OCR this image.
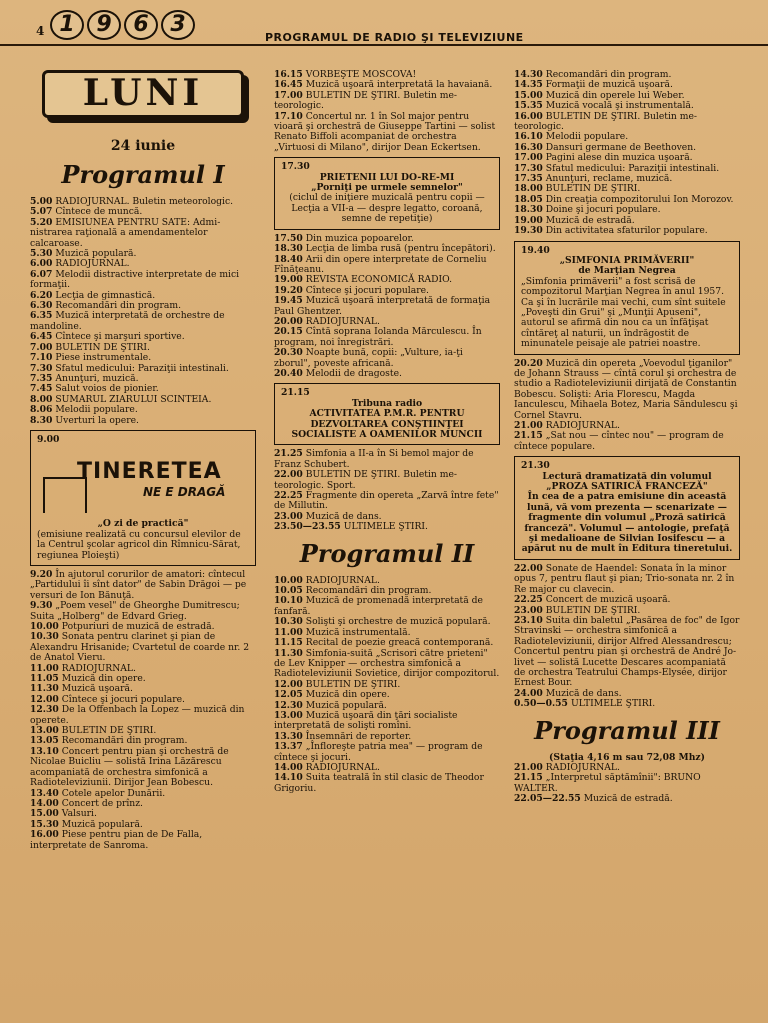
4 1 9 6 3
PROGRAMUL DE RADIO ŞI TELEVIZIUNE
LUNI
24 iunie
Programul I
5.00 RADIOJURNAL. Buletin meteorologic.
5.07 Cîntece de muncă.
5.20 EMISIUNEA PENTRU SATE: Administrarea raţională a amendamentelor calcaroase.
5.30 Muzică populară.
6.00 RADIOJURNAL.
6.07 Melodii distractive interpretate de mici formaţii.
6.20 Lecţia de gimnastică.
6.30 Recomandări din program.
6.35 Muzică interpretată de orchestre de mandoline.
6.45 Cîntece şi marşuri sportive.
7.00 BULETIN DE ŞTIRI.
7.10 Piese instrumentale.
7.30 Sfatul medicului: Paraziţii intestinali.
7.35 Anunţuri, muzică.
7.45 Salut voios de pionier.
8.00 SUMARUL ZIARULUI SCINTEIA.
8.06 Melodii populare.
8.30 Uverturi la opere.
9.00
TINERETEA
NE E DRAGĂ
„O zi de practică"
(emisiune realizată cu concursul elevilor de la Centrul şcolar agricol din Rîmnicu-Sărat, regiunea Ploieşti)
9.20 În ajutorul corurilor de amatori: cîntecul „Partidului îi sînt dator" de Sabin Drăgoi — pe versuri de Ion Bănuţă.
9.30 „Poem vesel" de Gheorghe Dumitrescu; Suita „Holberg" de Edvard Grieg.
10.00 Potpuriuri de muzică de estradă.
10.30 Sonata pentru clarinet şi pian de Alexandru Hrisanide; Cvartetul de coarde nr. 2 de Anatol Vieru.
11.00 RADIOJURNAL.
11.05 Muzică din opere.
11.30 Muzică uşoară.
12.00 Cîntece şi jocuri populare.
12.30 De la Offenbach la Lopez — muzică din operete.
13.00 BULETIN DE ŞTIRI.
13.05 Recomandări din program.
13.10 Concert pentru pian şi orchestră de Nicolae Buicliu — solistă Irina Lăzărescu acompaniată de orchestra simfonică a Radioteleviziunii. Dirijor Jean Bobescu.
13.40 Cotele apelor Dunării.
14.00 Concert de prînz.
15.00 Valsuri.
15.30 Muzică populară.
16.00 Piese pentru pian de De Falla, interpretate de Sanroma.
16.15 VORBEŞTE MOSCOVA!
16.45 Muzică uşoară interpretată la havaiană.
17.00 BULETIN DE ŞTIRI. Buletin meteorologic.
17.10 Concertul nr. 1 în Sol major pentru vioară şi orchestră de Giuseppe Tartini — solist Renato Biffoli acompaniat de orchestra „Virtuosi di Milano", dirijor Dean Eckertsen.
17.30
PRIETENII LUI DO-RE-MI
„Porniţi pe urmele semnelor"
(ciclul de iniţiere muzicală pentru copii — Lecţia a VII-a — despre legatto, coroană, semne de repetiţie)
17.50 Din muzica popoarelor.
18.30 Lecţia de limba rusă (pentru începători).
18.40 Arii din opere interpretate de Corneliu Fînăţeanu.
19.00 REVISTA ECONOMICĂ RADIO.
19.20 Cîntece şi jocuri populare.
19.45 Muzică uşoară interpretată de formaţia Paul Ghentzer.
20.00 RADIOJURNAL.
20.15 Cîntă soprana Iolanda Mărculescu. În program, noi înregistrări.
20.30 Noapte bună, copii: „Vulture, ia-ţi zborul", poveste africană.
20.40 Melodii de dragoste.
21.15
Tribuna radio
ACTIVITATEA P.M.R. PENTRU DEZVOLTAREA CONŞTIINŢEI SOCIALISTE A OAMENILOR MUNCII
21.25 Simfonia a II-a în Si bemol major de Franz Schubert.
22.00 BULETIN DE ŞTIRI. Buletin meteorologic. Sport.
22.25 Fragmente din opereta „Zarvă între fete" de Millutin.
23.00 Muzică de dans.
23.50—23.55 ULTIMELE ŞTIRI.
Programul II
10.00 RADIOJURNAL.
10.05 Recomandări din program.
10.10 Muzică de promenadă interpretată de fanfară.
10.30 Solişti şi orchestre de muzică populară.
11.00 Muzică instrumentală.
11.15 Recital de poezie greacă contemporană.
11.30 Simfonia-suită „Scrisori către prieteni" de Lev Knipper — orchestra simfonică a Radioteleviziunii Sovietice, dirijor compozitorul.
12.00 BULETIN DE ŞTIRI.
12.05 Muzică din opere.
12.30 Muzică populară.
13.00 Muzică uşoară din ţări socialiste interpretată de solişti romîni.
13.30 Însemnări de reporter.
13.37 „Înfloreşte patria mea" — program de cîntece şi jocuri.
14.00 RADIOJURNAL.
14.10 Suita teatrală în stil clasic de Theodor Grigoriu.
14.30 Recomandări din program.
14.35 Formaţii de muzică uşoară.
15.00 Muzică din operele lui Weber.
15.35 Muzică vocală şi instrumentală.
16.00 BULETIN DE ŞTIRI. Buletin meteorologic.
16.10 Melodii populare.
16.30 Dansuri germane de Beethoven.
17.00 Pagini alese din muzica uşoară.
17.30 Sfatul medicului: Paraziţii intestinali.
17.35 Anunţuri, reclame, muzică.
18.00 BULETIN DE ŞTIRI.
18.05 Din creaţia compozitorului Ion Morozov.
18.30 Doine şi jocuri populare.
19.00 Muzică de estradă.
19.30 Din activitatea sfaturilor populare.
19.40
„SIMFONIA PRIMĂVERII"
de Marţian Negrea
„Simfonia primăverii" a fost scrisă de compozitorul Marţian Negrea în anul 1957. Ca şi în lucrările mai vechi, cum sînt suitele „Poveşti din Grui" şi „Munţii Apuseni", autorul se afirmă din nou ca un înfăţişat cîntăreţ al naturii, un îndrăgostit de minunatele peisaje ale patriei noastre.
20.20 Muzică din opereta „Voevodul ţiganilor" de Johann Strauss — cîntă corul şi orchestra de studio a Radioteleviziunii dirijată de Constantin Bobescu. Solişti: Aria Florescu, Magda Ianculescu, Mihaela Botez, Maria Săndulescu şi Cornel Stavru.
21.00 RADIOJURNAL.
21.15 „Sat nou — cîntec nou" — program de cîntece populare.
21.30
Lectură dramatizată din volumul „PROZA SATIRICĂ FRANCEZĂ"
În cea de a patra emisiune din această lună, vă vom prezenta — scenarizate — fragmente din volumul „Proză satirică franceză". Volumul — antologie, prefaţă şi medalioane de Silvian Iosifescu — a apărut nu de mult în Editura tineretului.
22.00 Sonate de Haendel: Sonata în la minor opus 7, pentru flaut şi pian; Trio-sonata nr. 2 în Re major cu clavecin.
22.25 Concert de muzică uşoară.
23.00 BULETIN DE ŞTIRI.
23.10 Suita din baletul „Pasărea de foc" de Igor Stravinski — orchestra simfonică a Radioteleviziunii, dirijor Alfred Alessandrescu; Concertul pentru pian şi orchestră de André Jolivet — solistă Lucette Descares acompaniată de orchestra Teatrului Champs-Elysée, dirijor Ernest Bour.
24.00 Muzică de dans.
0.50—0.55 ULTIMELE ŞTIRI.
Programul III
(Staţia 4,16 m sau 72,08 Mhz)
21.00 RADIOJURNAL.
21.15 „Interpretul săptămînii": BRUNO WALTER.
22.05—22.55 Muzică de estradă.
